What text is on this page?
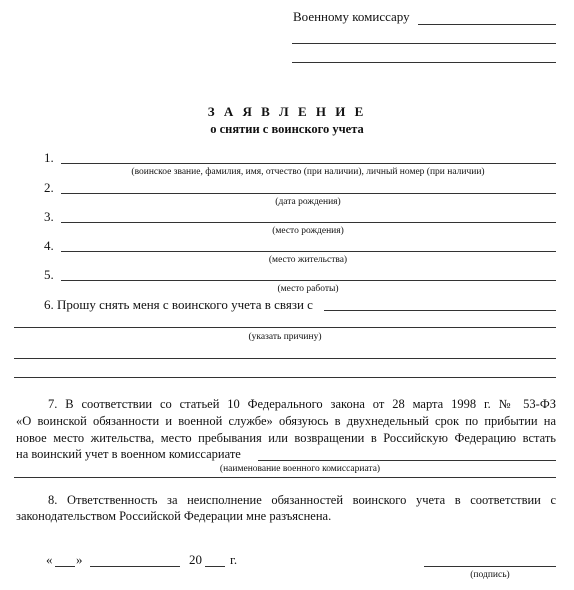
Военному комиссару
З А Я В Л Е Н И Е
о снятии с воинского учета
1.
(воинское звание, фамилия, имя, отчество (при наличии), личный номер (при наличии)
2.
(дата рождения)
3.
(место рождения)
4.
(место жительства)
5.
(место работы)
6. Прошу снять меня с воинского учета в связи с
(указать причину)
7. В соответствии со статьей 10 Федерального закона от 28 марта 1998 г. № 53-ФЗ
«О воинской обязанности и военной службе» обязуюсь в двухнедельный срок по прибытии на
новое место жительства, место пребывания или возвращении в Российскую Федерацию встать
на воинский учет в военном комиссариате
(наименование военного комиссариата)
8. Ответственность за неисполнение обязанностей воинского учета в соответствии с
законодательством Российской Федерации мне разъяснена.
« »	20 г.
(подпись)
